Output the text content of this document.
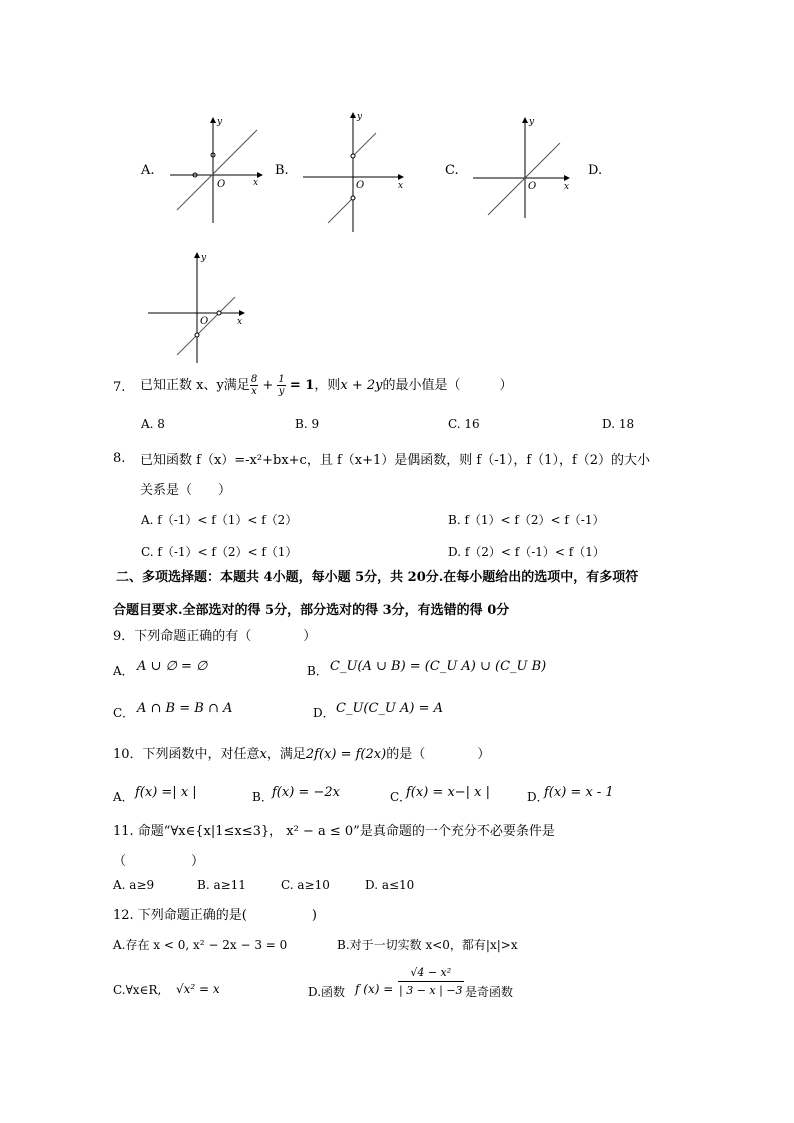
A.
y
x
O
B.
y
x
O
C.
y
x
O
D.
y
x
O
7. 已知正数 x、y满足 $\frac{8}{x} + \frac{1}{y} = 1$，则x + 2y的最小值是（　　　）
A. 8	B. 9	C. 16	D. 18
8. 已知函数 f（x）=-x²+bx+c，且 f（x+1）是偶函数，则 f（-1），f（1），f（2）的大小
关系是（　　）
A. f（-1）< f（1）< f（2）	B. f（1）< f（2）< f（-1）
C. f（-1）< f（2）< f（1）	D. f（2）< f（-1）< f（1）
二、多项选择题：本题共 4小题，每小题 5分，共 20分.在每小题给出的选项中，有多项符
合题目要求.全部选对的得 5分，部分选对的得 3分，有选错的得 0分
9．下列命题正确的有（　　　　）
A． A ∪ ∅ = ∅	B． C_U(A ∪ B) = (C_U A) ∪ (C_U B)
C． A ∩ B = B ∩ A	D． C_U(C_U A) = A
10．下列函数中，对任意x，满足2f(x) = f(2x)的是（　　　　）
A． f(x) =| x |	B． f(x) = −2x	C．
f(x) = x−| x |	D．
f(x) = x - 1
11. 命题“∀x∈{x|1≤x≤3}， x² − a ≤ 0”是真命题的一个充分不必要条件是
（　　　　　）
A. a≥9	B. a≥11	C. a≥10	D. a≤10
12. 下列命题正确的是(　　　　　)
A.存在 x < 0, x² − 2x − 3 = 0	B.对于一切实数 x<0，都有|x|>x
C.∀x∈R, √x² = x	D.函数 f $(x) = \frac{\text{√4 − x²}}{| 3 - x | -3}$ 是奇函数
